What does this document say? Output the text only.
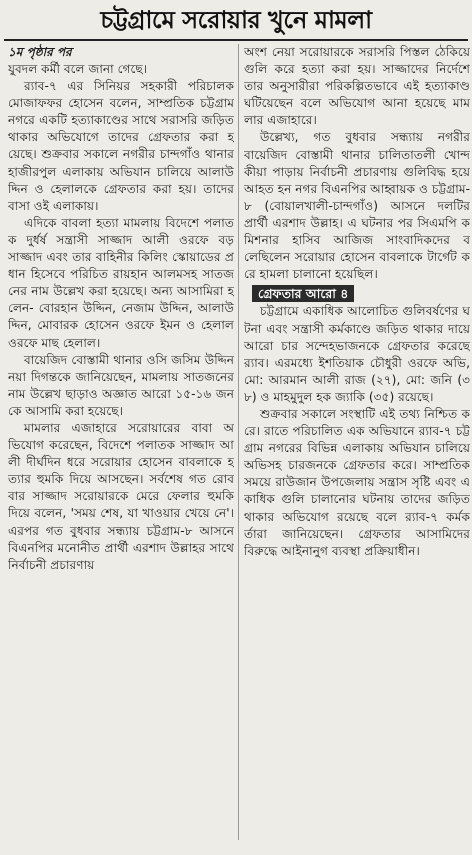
চট্টগ্রামে সরোয়ার খুনে মামলা

১ম পৃষ্ঠার পর

যুবদল কর্মী বলে জানা গেছে।

র‍্যাব-৭ এর সিনিয়র সহকারী পরিচালক মোজাফফর হোসেন বলেন, সাম্প্রতিক চট্টগ্রাম নগরে একটি হত্যাকাণ্ডের সাথে সরাসরি জড়িত থাকার অভিযোগে তাদের গ্রেফতার করা হয়েছে। শুক্রবার সকালে নগরীর চান্দগাঁও থানার হাজীরপুল এলাকায় অভিযান চালিয়ে আলাউদ্দিন ও হেলালকে গ্রেফতার করা হয়। তাদের বাসা ওই এলাকায়।

এদিকে বাবলা হত্যা মামলায় বিদেশে পলাতক দুর্ধর্ষ সন্ত্রাসী সাজ্জাদ আলী ওরফে বড় সাজ্জাদ এবং তার বাহিনীর কিলিং স্কোয়াডের প্রধান হিসেবে পরিচিত রায়হান আলমসহ সাতজনের নাম উল্লেখ করা হয়েছে। অন্য আসামিরা হলেন- বোরহান উদ্দিন, নেজাম উদ্দিন, আলাউদ্দিন, মোবারক হোসেন ওরফে ইমন ও হেলাল ওরফে মাছ হেলাল।

বায়েজিদ বোস্তামী থানার ওসি জসিম উদ্দিন নয়া দিগন্তকে জানিয়েছেন, মামলায় সাতজনের নাম উল্লেখ ছাড়াও অজ্ঞাত আরো ১৫-১৬ জনকে আসামি করা হয়েছে।

মামলার এজাহারে সরোয়ারের বাবা অভিযোগ করেছেন, বিদেশে পলাতক সাজ্জাদ আলী দীর্ঘদিন ধরে সরোয়ার হোসেন বাবলাকে হত্যার হুমকি দিয়ে আসছেন। সর্বশেষ গত রোববার সাজ্জাদ সরোয়ারকে মেরে ফেলার হুমকি দিয়ে বলেন, 'সময় শেষ, যা খাওয়ার খেয়ে নে'। এরপর গত বুধবার সন্ধ্যায় চট্টগ্রাম-৮ আসনে বিএনপির মনোনীত প্রার্থী এরশাদ উল্লাহর সাথে নির্বাচনী প্রচারণায়

অংশ নেয়া সরোয়ারকে সরাসরি পিস্তল ঠেকিয়ে গুলি করে হত্যা করা হয়। সাজ্জাদের নির্দেশে তার অনুসারীরা পরিকল্পিতভাবে এই হত্যাকাণ্ড ঘটিয়েছেন বলে অভিযোগ আনা হয়েছে মামলার এজাহারে।

উল্লেখ্য, গত বুধবার সন্ধ্যায় নগরীর বায়েজিদ বোস্তামী থানার চালিতাতলী খোন্দকীয়া পাড়ায় নির্বাচনী প্রচারণায় গুলিবিদ্ধ হয়ে আহত হন নগর বিএনপির আহ্বায়ক ও চট্টগ্রাম-৮ (বোয়ালখালী-চান্দগাঁও) আসনে দলটির প্রার্থী এরশাদ উল্লাহ। এ ঘটনার পর সিএমপি কমিশনার হাসিব আজিজ সাংবাদিকদের বলেছিলেন সরোয়ার হোসেন বাবলাকে টার্গেট করে হামলা চালানো হয়েছিল।

গ্রেফতার আরো ৪

চট্টগ্রামে একাধিক আলোচিত গুলিবর্ষণের ঘটনা এবং সন্ত্রাসী কর্মকাণ্ডে জড়িত থাকার দায়ে আরো চার সন্দেহভাজনকে গ্রেফতার করেছে র‍্যাব। এরমধ্যে ইশতিয়াক চৌধুরী ওরফে অভি, মো: আরমান আলী রাজ (২৭), মো: জনি (৩৮) ও মাহমুদুল হক জ্যাকি (৩৫) রয়েছে।

শুক্রবার সকালে সংস্থাটি এই তথ্য নিশ্চিত করে। রাতে পরিচালিত এক অভিযানে র‍্যাব-৭ চট্টগ্রাম নগরের বিভিন্ন এলাকায় অভিযান চালিয়ে অভিসহ চারজনকে গ্রেফতার করে। সাম্প্রতিক সময়ে রাউজান উপজেলায় সন্ত্রাস সৃষ্টি এবং একাধিক গুলি চালানোর ঘটনায় তাদের জড়িত থাকার অভিযোগ রয়েছে বলে র‍্যাব-৭ কর্মকর্তারা জানিয়েছেন। গ্রেফতার আসামিদের বিরুদ্ধে আইনানুগ ব্যবস্থা প্রক্রিয়াধীন।
